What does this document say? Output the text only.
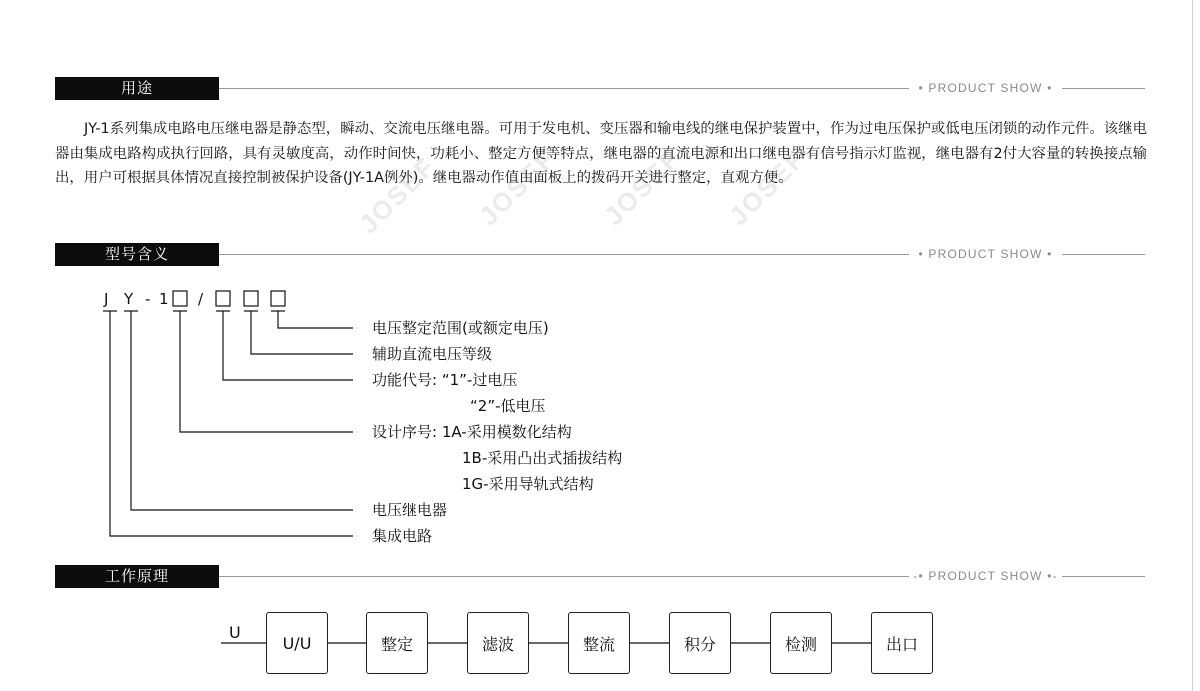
用途	• PRODUCT SHOW •

JY-1系列集成电路电压继电器是静态型，瞬动、交流电压继电器。可用于发电机、变压器和输电线的继电保护装置中，作为过电压保护或低电压闭锁的动作元件。该继电器由集成电路构成执行回路，具有灵敏度高，动作时间快，功耗小、整定方便等特点，继电器的直流电源和出口继电器有信号指示灯监视，继电器有2付大容量的转换接点输出，用户可根据具体情况直接控制被保护设备(JY-1A例外)。继电器动作值由面板上的拨码开关进行整定，直观方便。

JOSEF JOSEF JOSEF JOSEF
型号含义	• PRODUCT SHOW •
J Y - 1 /
电压整定范围(或额定电压)
辅助直流电压等级
功能代号: “1”-过电压
“2”-低电压
设计序号: 1A-采用模数化结构
1B-采用凸出式插拔结构
1G-采用导轨式结构
电压继电器
集成电路
工作原理	-• PRODUCT SHOW •-
U
U/U	整定	滤波	整流	积分	检测	出口
